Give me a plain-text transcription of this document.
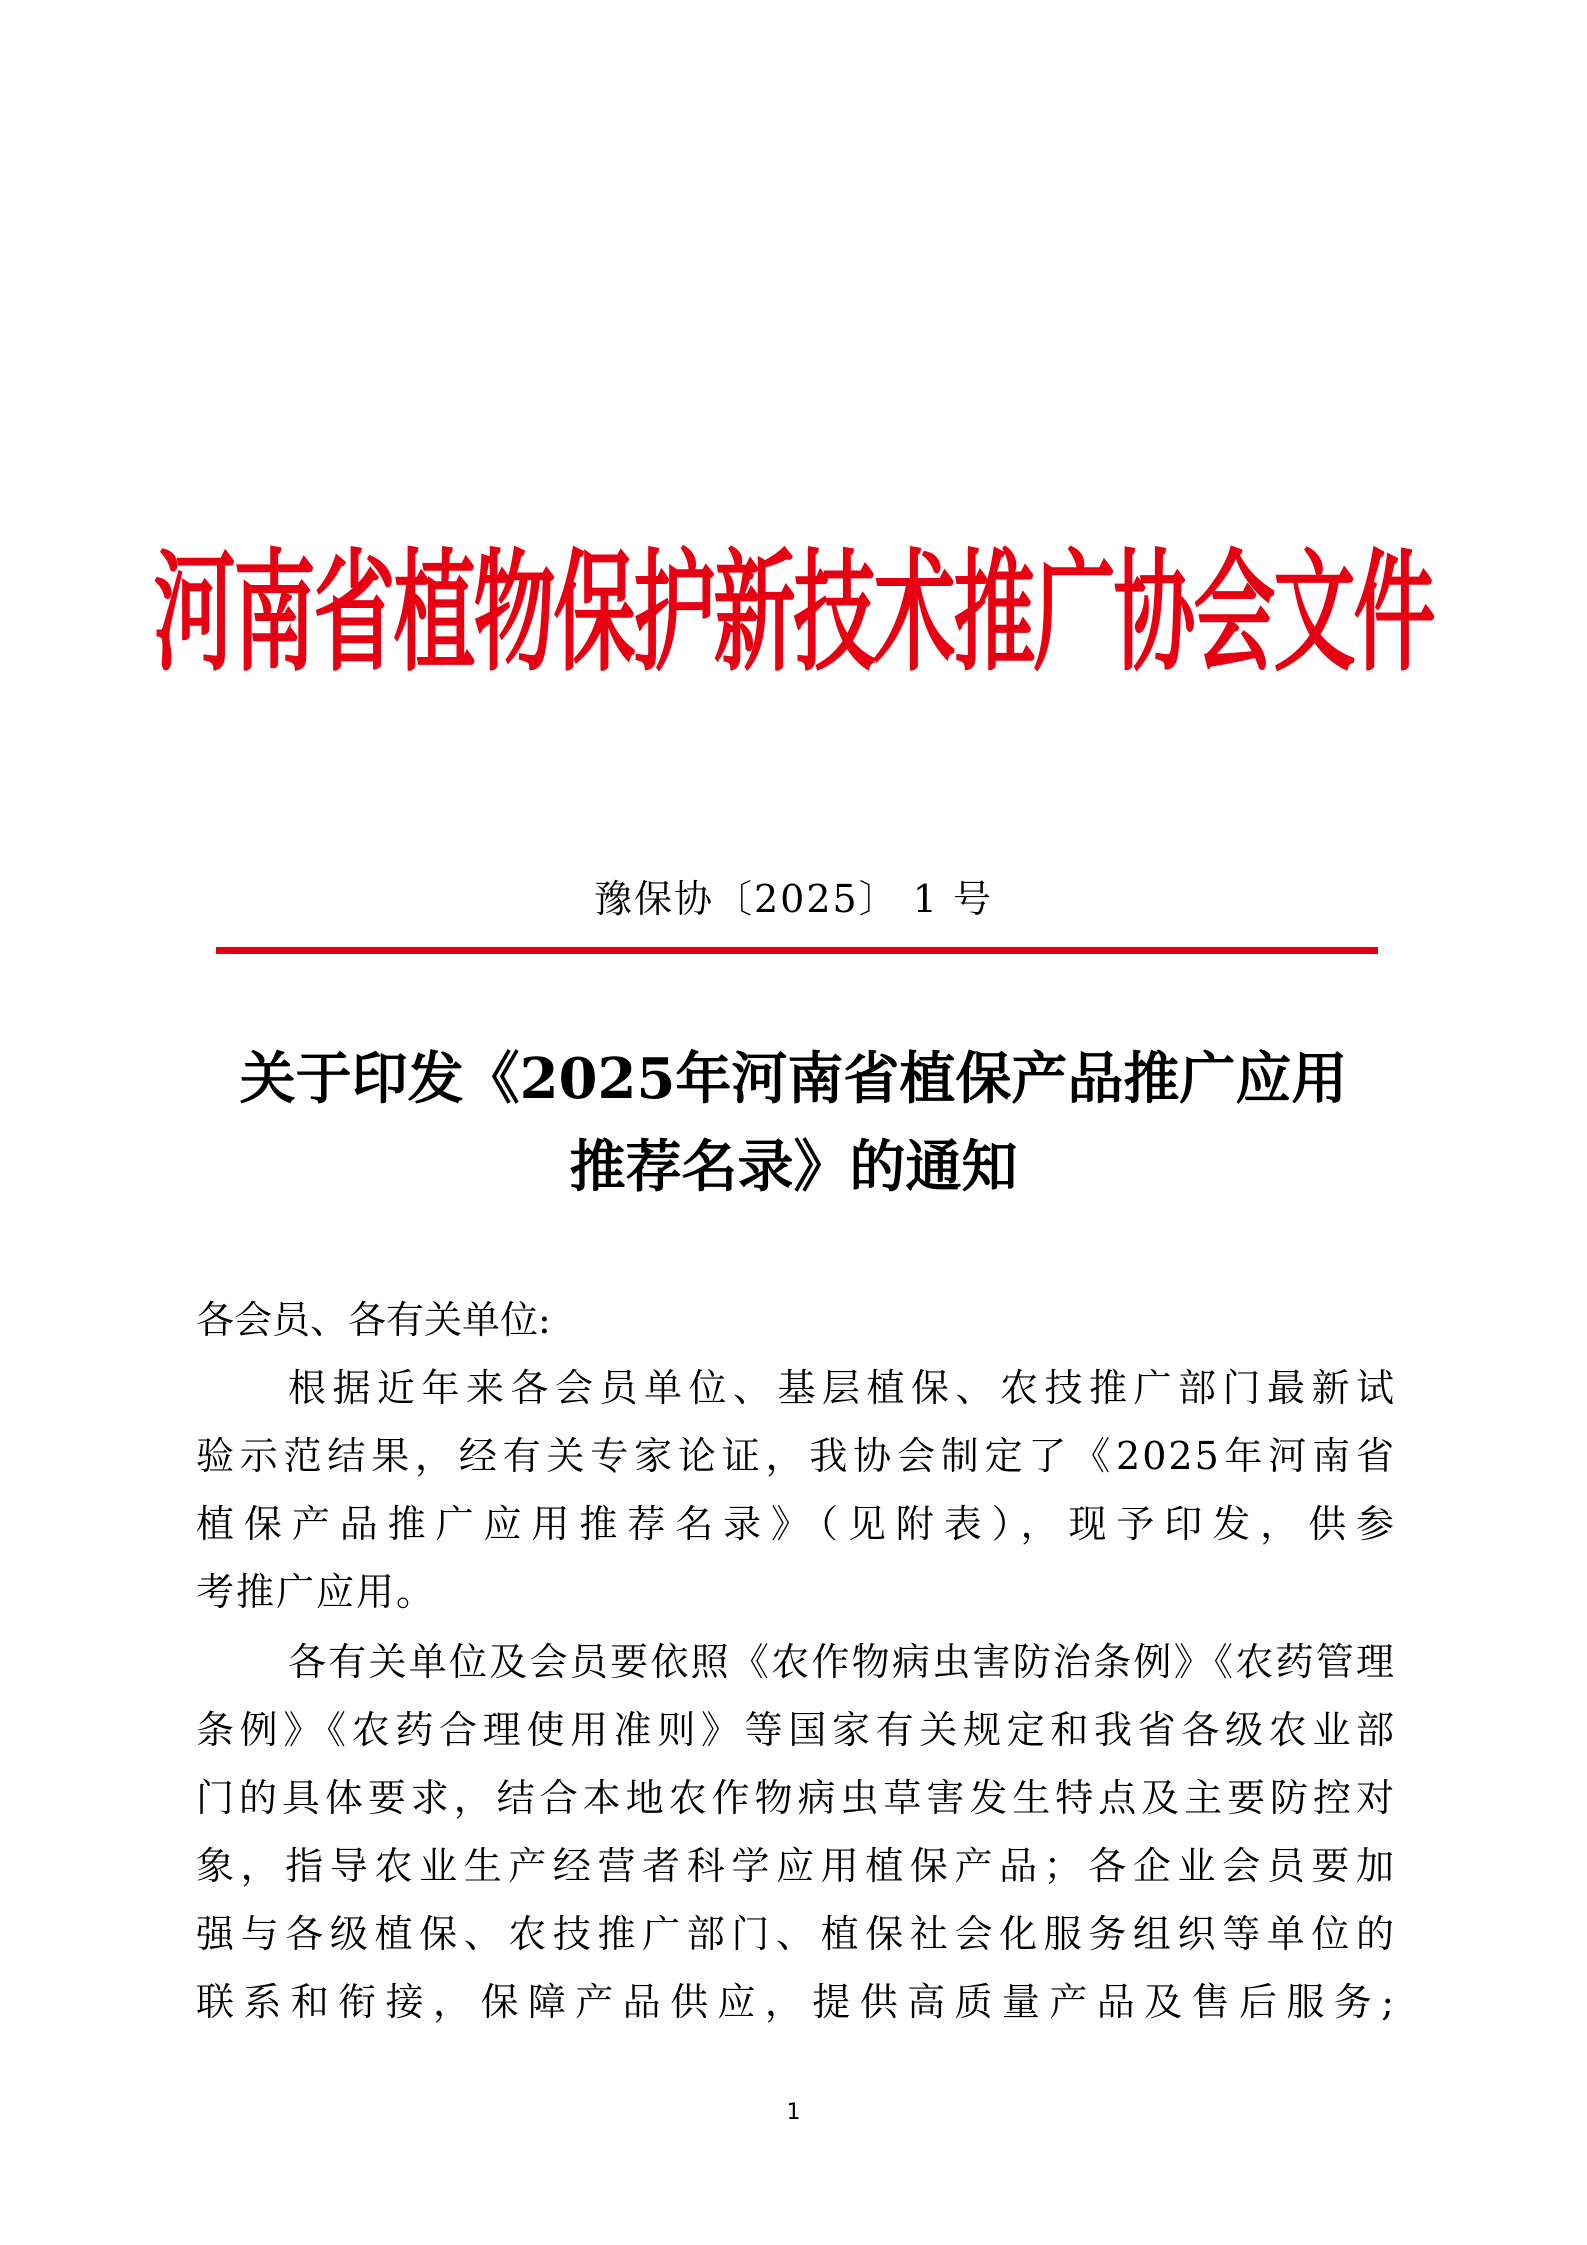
河南省植物保护新技术推广协会文件
豫保协〔2025〕 1 号
关于印发《2025年河南省植保产品推广应用
推荐名录》的通知
各会员、各有关单位:
根据近年来各会员单位、基层植保、农技推广部门最新试
验示范结果，经有关专家论证，我协会制定了《2025年河南省
植保产品推广应用推荐名录》（见附表），现予印发，供参
考推广应用。
各有关单位及会员要依照《农作物病虫害防治条例》《农药管理
条例》《农药合理使用准则》等国家有关规定和我省各级农业部
门的具体要求，结合本地农作物病虫草害发生特点及主要防控对
象，指导农业生产经营者科学应用植保产品；各企业会员要加
强与各级植保、农技推广部门、植保社会化服务组织等单位的
联系和衔接，保障产品供应，提供高质量产品及售后服务;
1
